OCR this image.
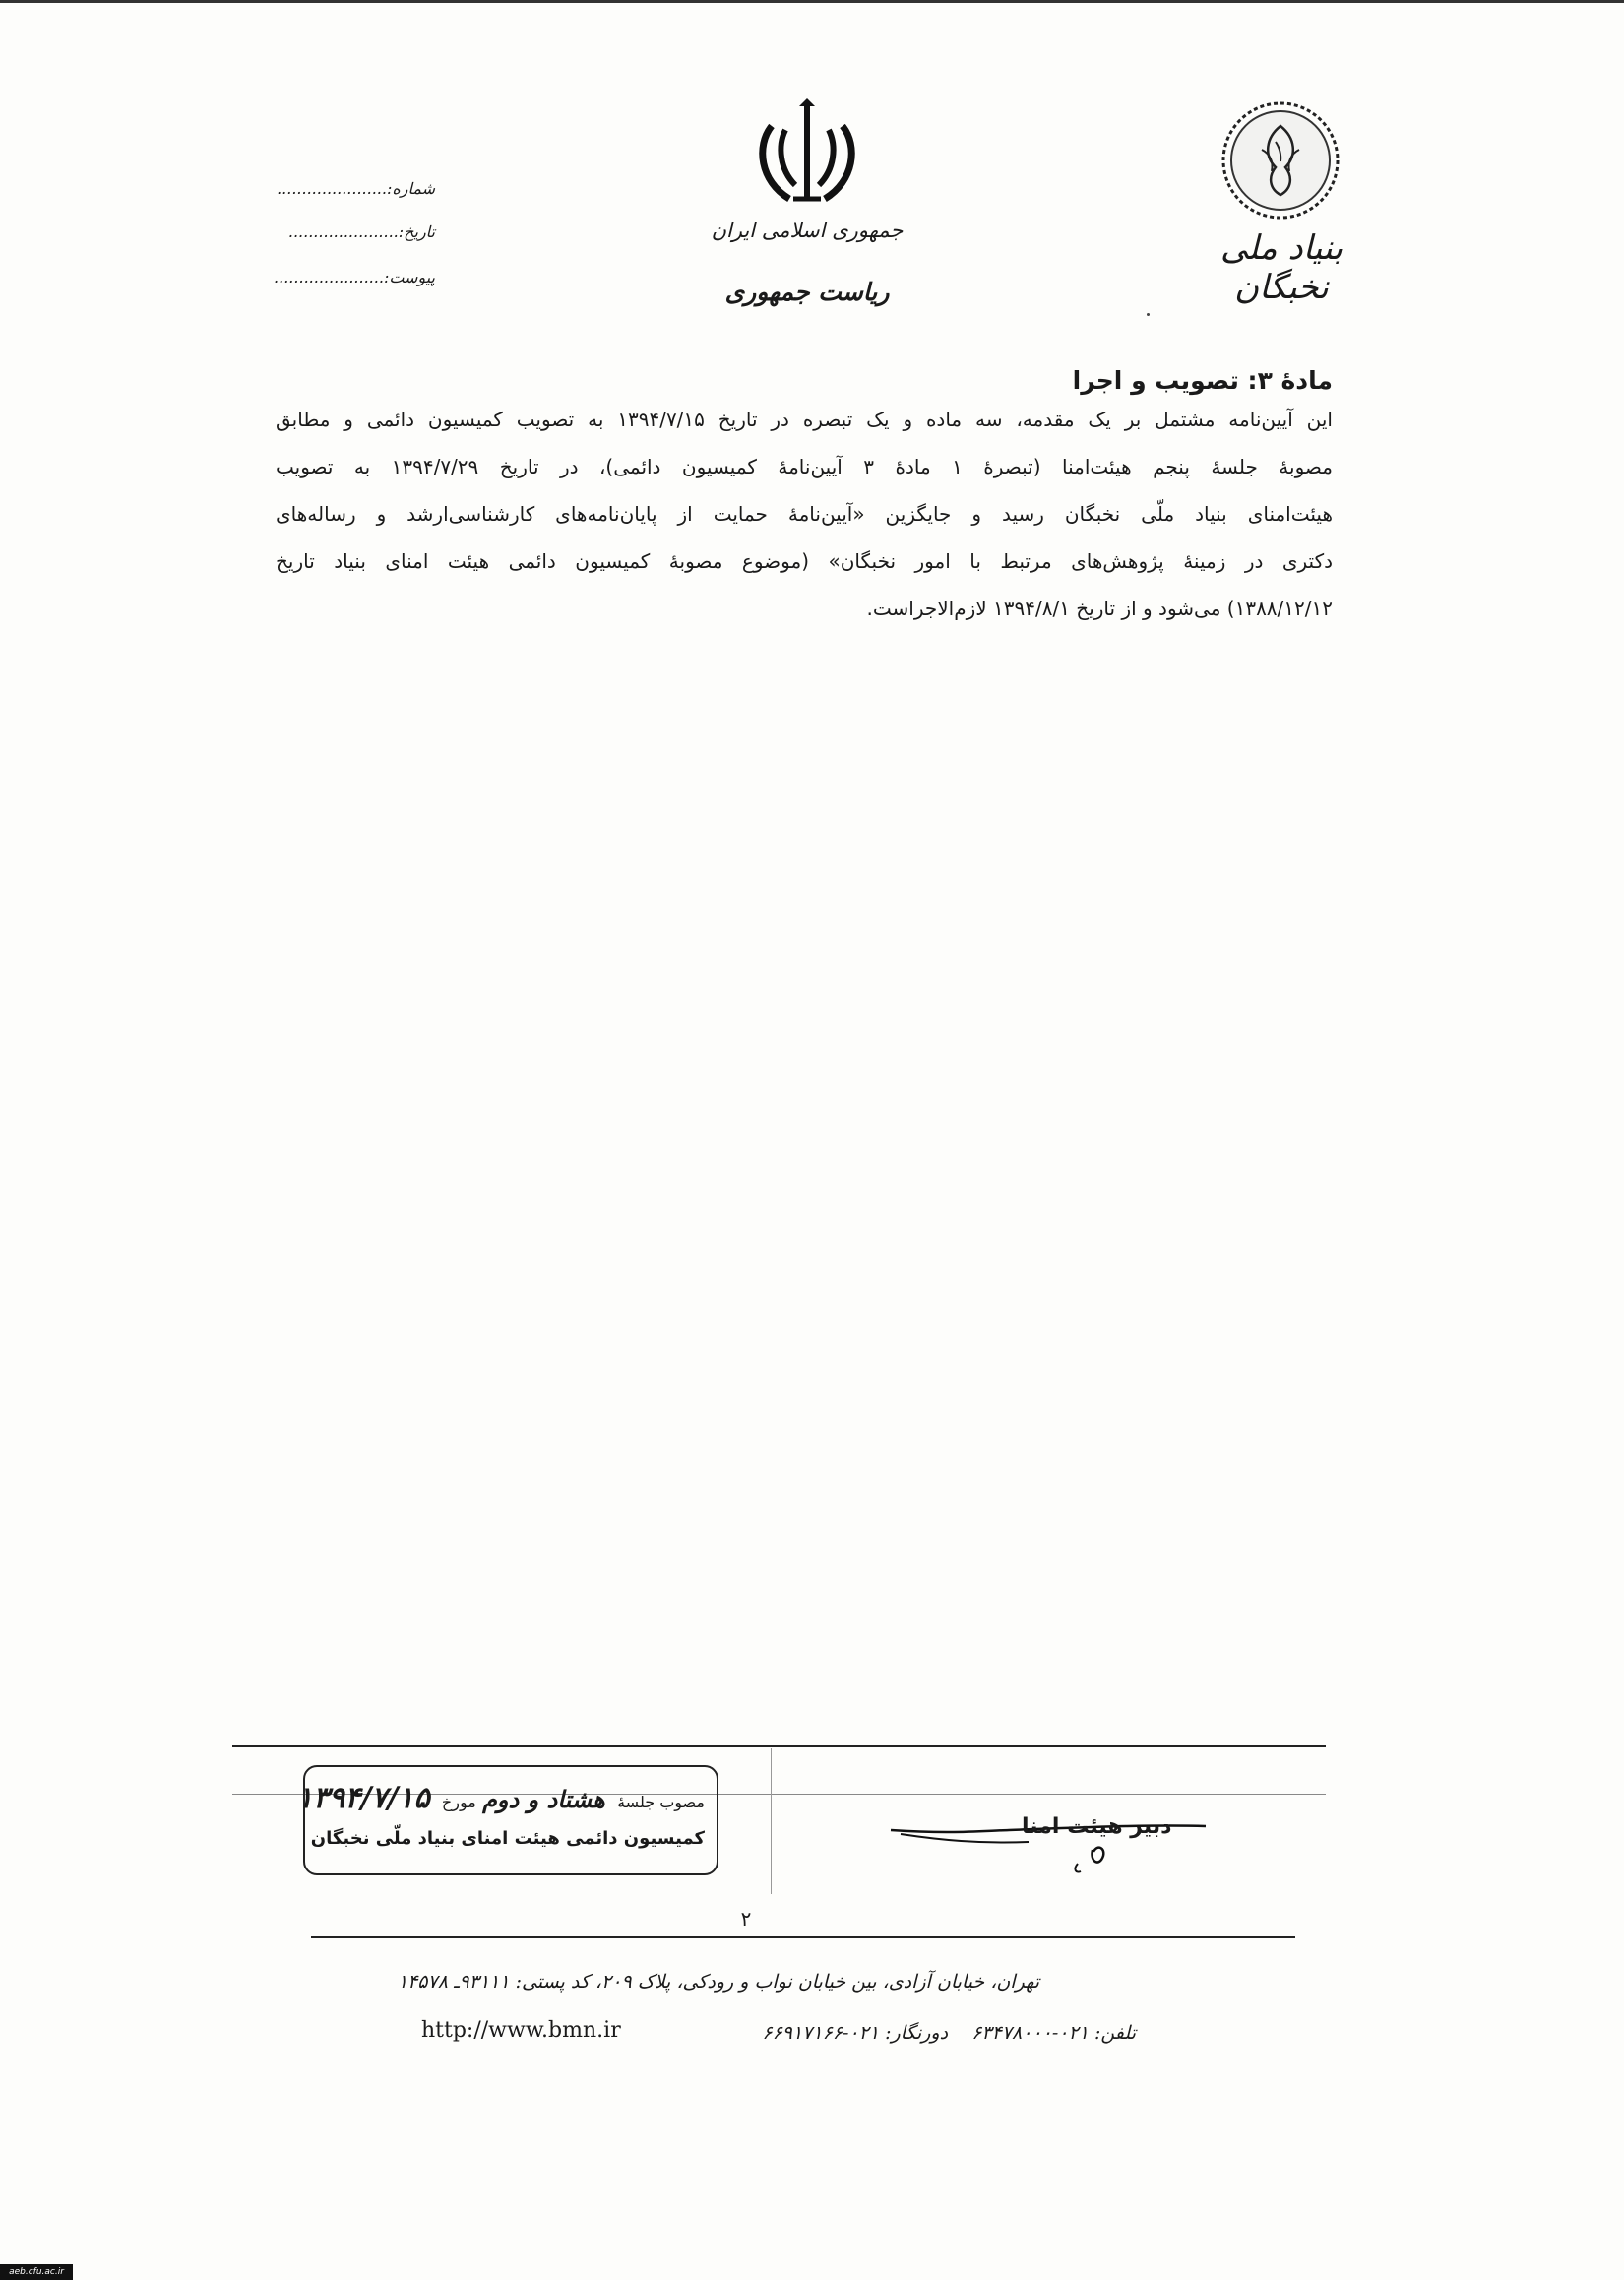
بنیاد ملی نخبگان
جمهوری اسلامی ایران
ریاست جمهوری
شماره:......................
تاریخ:......................
پیوست:......................
مادهٔ ۳: تصویب و اجرا
این آیین‌نامه مشتمل بر یک مقدمه، سه ماده و یک تبصره در تاریخ ۱۳۹۴/۷/۱۵ به تصویب کمیسیون دائمی و مطابق
مصوبهٔ جلسهٔ پنجم هیئت‌امنا (تبصرهٔ ۱ مادهٔ ۳ آیین‌نامهٔ کمیسیون دائمی)، در تاریخ ۱۳۹۴/۷/۲۹ به تصویب
هیئت‌امنای بنیاد ملّی نخبگان رسید و جایگزین «آیین‌نامهٔ حمایت از پایان‌نامه‌های کارشناسی‌ارشد و رساله‌های
دکتری در زمینهٔ پژوهش‌های مرتبط با امور نخبگان» (موضوع مصوبهٔ کمیسیون دائمی هیئت امنای بنیاد تاریخ
۱۳۸۸/۱۲/۱۲) می‌شود و از تاریخ ۱۳۹۴/۸/۱ لازم‌الاجراست.
مصوب جلسهٔ هشتاد و دوم مورخ ۱۳۹۴/۷/۱۵
کمیسیون دائمی هیئت امنای بنیاد ملّی نخبگان	دبیر هیئت امنا
۲
تهران، خیابان آزادی، بین خیابان نواب و رودکی، پلاک ۲۰۹، کد پستی: ۹۳۱۱۱ـ ۱۴۵۷۸
تلفن: ۰۲۱-۶۳۴۷۸۰۰۰    دورنگار: ۰۲۱-۶۶۹۱۷۱۶۶
http://www.bmn.ir
aeb.cfu.ac.ir
